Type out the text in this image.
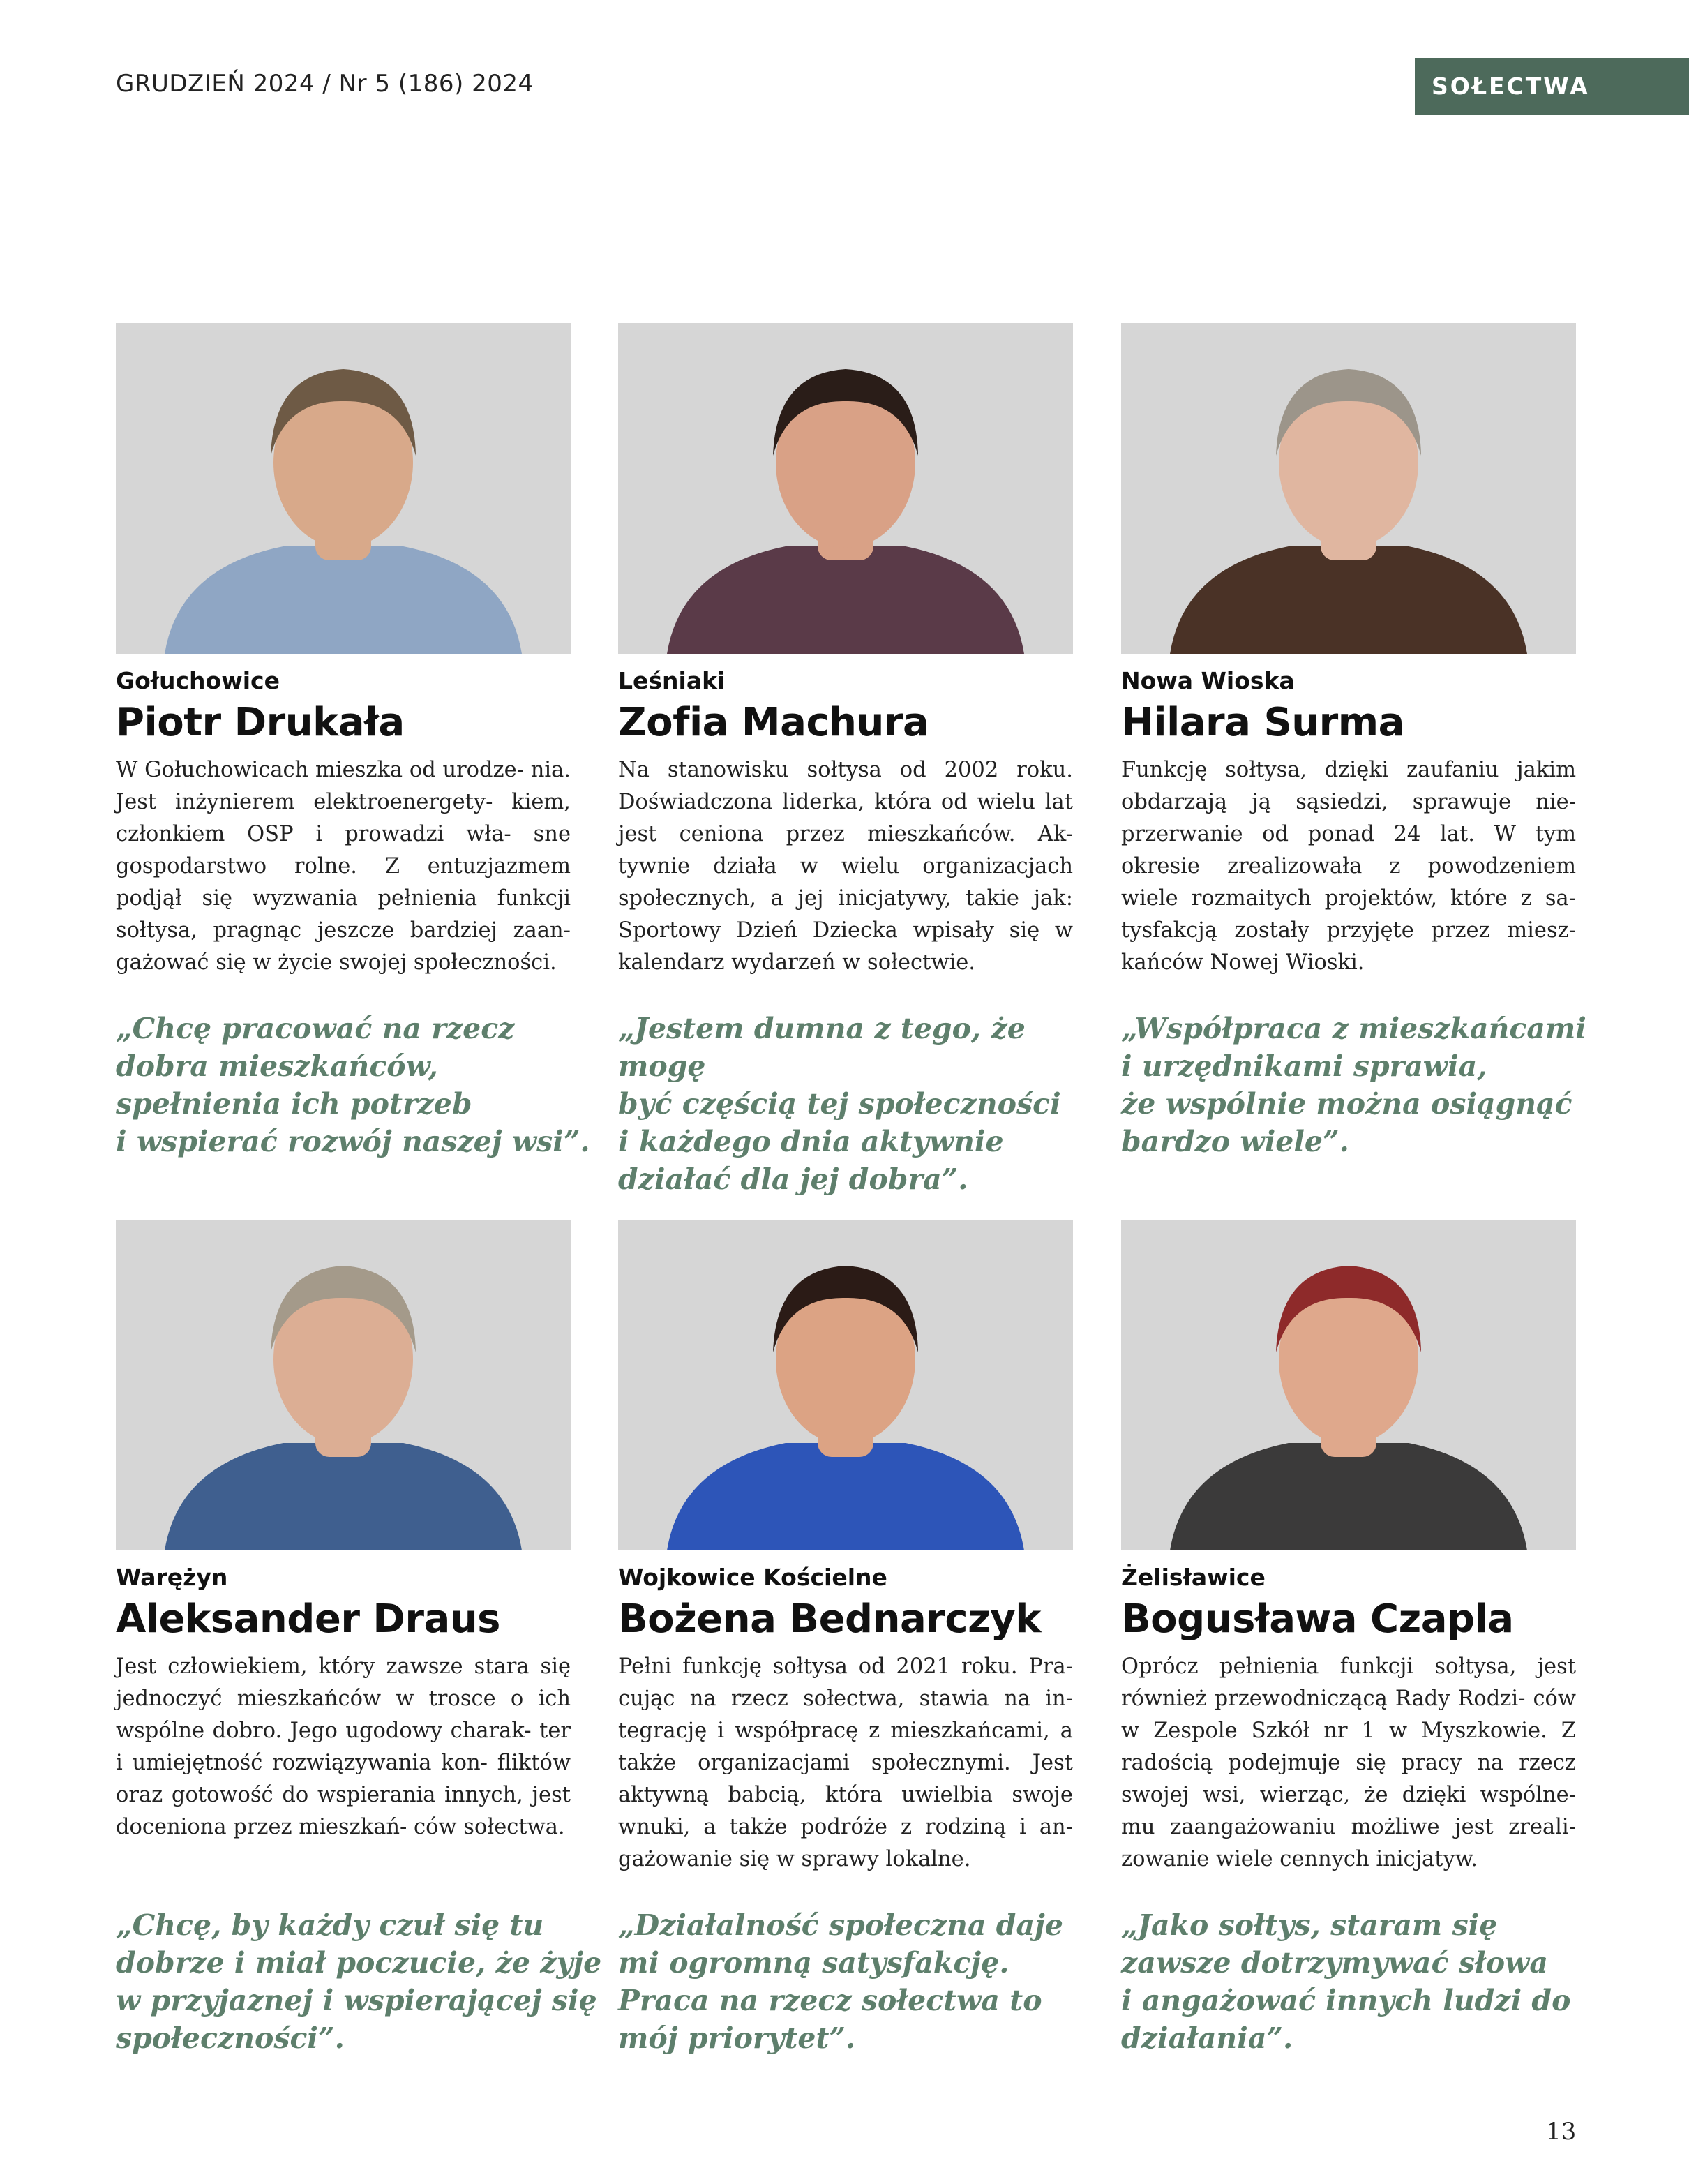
GRUDZIEŃ 2024 / Nr 5 (186) 2024	SOŁECTWA
Gołuchowice
Piotr Drukała

W Gołuchowicach mieszka od urodze- nia. Jest inżynierem elektroenergety- kiem, członkiem OSP i prowadzi wła- sne gospodarstwo rolne. Z entuzjazmem podjął się wyzwania pełnienia funkcji sołtysa, pragnąc jeszcze bardziej zaan- gażować się w życie swojej społeczności.

„Chcę pracować na rzecz
dobra mieszkańców,
spełnienia ich potrzeb
i wspierać rozwój naszej wsi”.

Leśniaki
Zofia Machura

Na stanowisku sołtysa od 2002 roku. Doświadczona liderka, która od wielu lat jest ceniona przez mieszkańców. Ak- tywnie działa w wielu organizacjach społecznych, a jej inicjatywy, takie jak: Sportowy Dzień Dziecka wpisały się w kalendarz wydarzeń w sołectwie.

„Jestem dumna z tego, że mogę
być częścią tej społeczności
i każdego dnia aktywnie
działać dla jej dobra”.

Nowa Wioska
Hilara Surma

Funkcję sołtysa, dzięki zaufaniu jakim obdarzają ją sąsiedzi, sprawuje nie- przerwanie od ponad 24 lat. W tym okresie zrealizowała z powodzeniem wiele rozmaitych projektów, które z sa- tysfakcją zostały przyjęte przez miesz- kańców Nowej Wioski.

„Współpraca z mieszkańcami
i urzędnikami sprawia,
że wspólnie można osiągnąć
bardzo wiele”.

Warężyn
Aleksander Draus

Jest człowiekiem, który zawsze stara się jednoczyć mieszkańców w trosce o ich wspólne dobro. Jego ugodowy charak- ter i umiejętność rozwiązywania kon- fliktów oraz gotowość do wspierania innych, jest doceniona przez mieszkań- ców sołectwa.

„Chcę, by każdy czuł się tu
dobrze i miał poczucie, że żyje
w przyjaznej i wspierającej się
społeczności”.

Wojkowice Kościelne
Bożena Bednarczyk

Pełni funkcję sołtysa od 2021 roku. Pra- cując na rzecz sołectwa, stawia na in- tegrację i współpracę z mieszkańcami, a także organizacjami społecznymi. Jest aktywną babcią, która uwielbia swoje wnuki, a także podróże z rodziną i an- gażowanie się w sprawy lokalne.

„Działalność społeczna daje
mi ogromną satysfakcję.
Praca na rzecz sołectwa to
mój priorytet”.

Żelisławice
Bogusława Czapla

Oprócz pełnienia funkcji sołtysa, jest również przewodniczącą Rady Rodzi- ców w Zespole Szkół nr 1 w Myszkowie. Z radością podejmuje się pracy na rzecz swojej wsi, wierząc, że dzięki wspólne- mu zaangażowaniu możliwe jest zreali- zowanie wiele cennych inicjatyw.

„Jako sołtys, staram się
zawsze dotrzymywać słowa
i angażować innych ludzi do
działania”.

13
